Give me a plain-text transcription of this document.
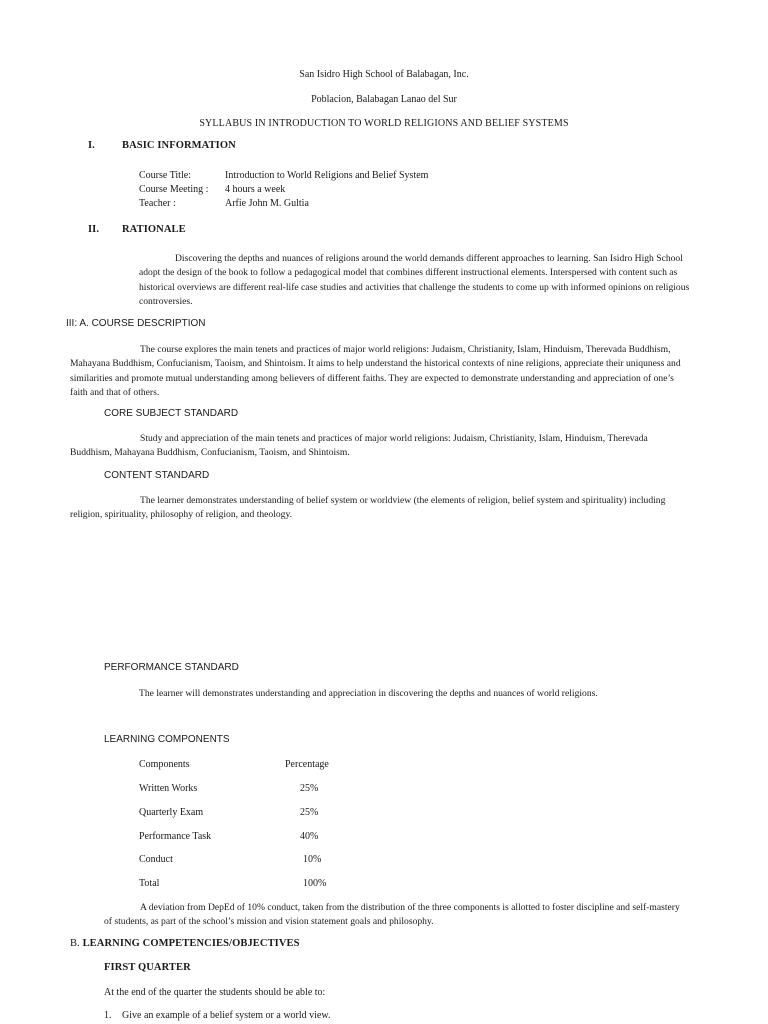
San Isidro High School of Balabagan, Inc.
Poblacion, Balabagan Lanao del Sur
SYLLABUS IN INTRODUCTION TO WORLD RELIGIONS AND BELIEF SYSTEMS
I.	BASIC INFORMATION
Course Title:	Introduction to World Religions and Belief System
Course Meeting : 4 hours a week
Teacher :	Arfie John M. Gultia
II. RATIONALE
Discovering the depths and nuances of religions around the world demands different approaches to learning. San Isidro High School adopt the design of the book to follow a pedagogical model that combines different instructional elements. Interspersed with content such as historical overviews are different real-life case studies and activities that challenge the students to come up with informed opinions on religious controversies.
III: A. COURSE DESCRIPTION
The course explores the main tenets and practices of major world religions: Judaism, Christianity, Islam, Hinduism, Therevada Buddhism, Mahayana Buddhism, Confucianism, Taoism, and Shintoism. It aims to help understand the historical contexts of nine religions, appreciate their uniquness and similarities and promote mutual understanding among believers of different faiths. They are expected to demonstrate understanding and appreciation of one’s faith and that of others.
CORE SUBJECT STANDARD
Study and appreciation of the main tenets and practices of major world religions: Judaism, Christianity, Islam, Hinduism, Therevada Buddhism, Mahayana Buddhism, Confucianism, Taoism, and Shintoism.
CONTENT STANDARD
The learner demonstrates understanding of belief system or worldview (the elements of religion, belief system and spirituality) including religion, spirituality, philosophy of religion, and theology.
PERFORMANCE STANDARD
The learner will demonstrates understanding and appreciation in discovering the depths and nuances of world religions.
LEARNING COMPONENTS
Components	Percentage
Written Works	25%
Quarterly Exam	25%
Performance Task	40%
Conduct	10%
Total	100%
A deviation from DepEd of 10% conduct, taken from the distribution of the three components is allotted to foster discipline and self-mastery of students, as part of the school’s mission and vision statement goals and philosophy.
B. LEARNING COMPETENCIES/OBJECTIVES
FIRST QUARTER
At the end of the quarter the students should be able to:
1. Give an example of a belief system or a world view.
